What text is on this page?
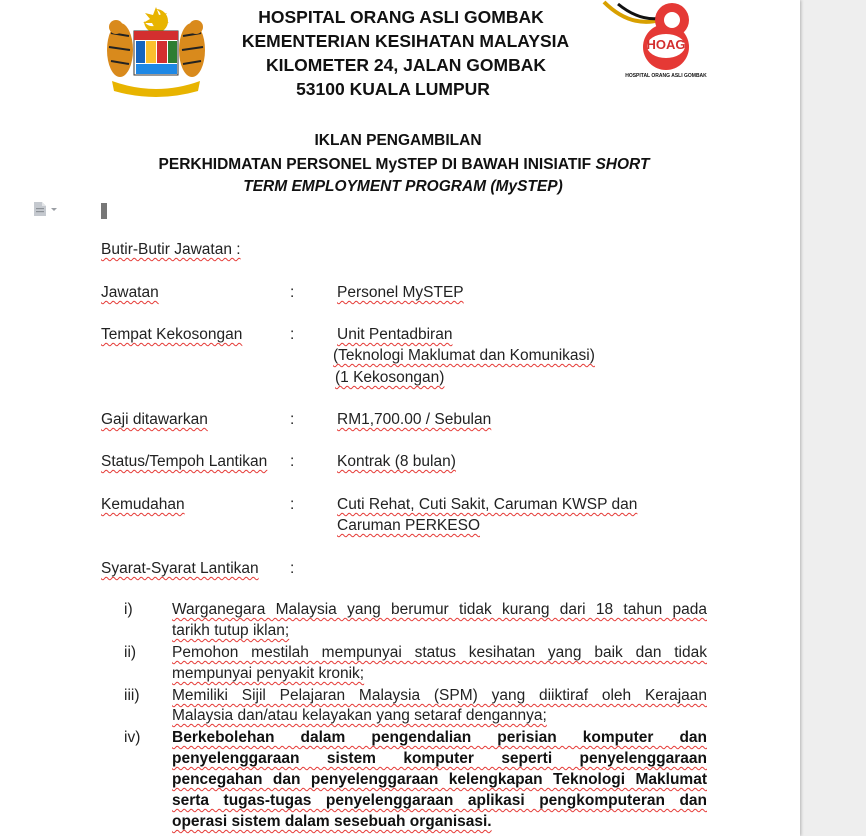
HOSPITAL ORANG ASLI GOMBAK
KEMENTERIAN KESIHATAN MALAYSIA
KILOMETER 24, JALAN GOMBAK
53100 KUALA LUMPUR
HOAG
HOSPITAL ORANG ASLI GOMBAK
IKLAN PENGAMBILAN
PERKHIDMATAN PERSONEL MySTEP DI BAWAH INISIATIF SHORT
TERM EMPLOYMENT PROGRAM (MySTEP)
Butir-Butir Jawatan :
Jawatan	:	Personel MySTEP
Tempat Kekosongan	:	Unit Pentadbiran
(Teknologi Maklumat dan Komunikasi)
(1 Kekosongan)
Gaji ditawarkan	:	RM1,700.00 / Sebulan
Status/Tempoh Lantikan :	Kontrak (8 bulan)
Kemudahan	:	Cuti Rehat, Cuti Sakit, Caruman KWSP dan
Caruman PERKESO
Syarat-Syarat Lantikan :
i)	Warganegara Malaysia yang berumur tidak kurang dari 18 tahun pada
tarikh tutup iklan;
ii) Pemohon mestilah mempunyai status kesihatan yang baik dan tidak
mempunyai penyakit kronik;
iii) Memiliki Sijil Pelajaran Malaysia (SPM) yang diiktiraf oleh Kerajaan
Malaysia dan/atau kelayakan yang setaraf dengannya;
iv) Berkebolehan dalam pengendalian perisian komputer dan
penyelenggaraan sistem komputer seperti penyelenggaraan
pencegahan dan penyelenggaraan kelengkapan Teknologi Maklumat
serta tugas-tugas penyelenggaraan aplikasi pengkomputeran dan
operasi sistem dalam sesebuah organisasi.
